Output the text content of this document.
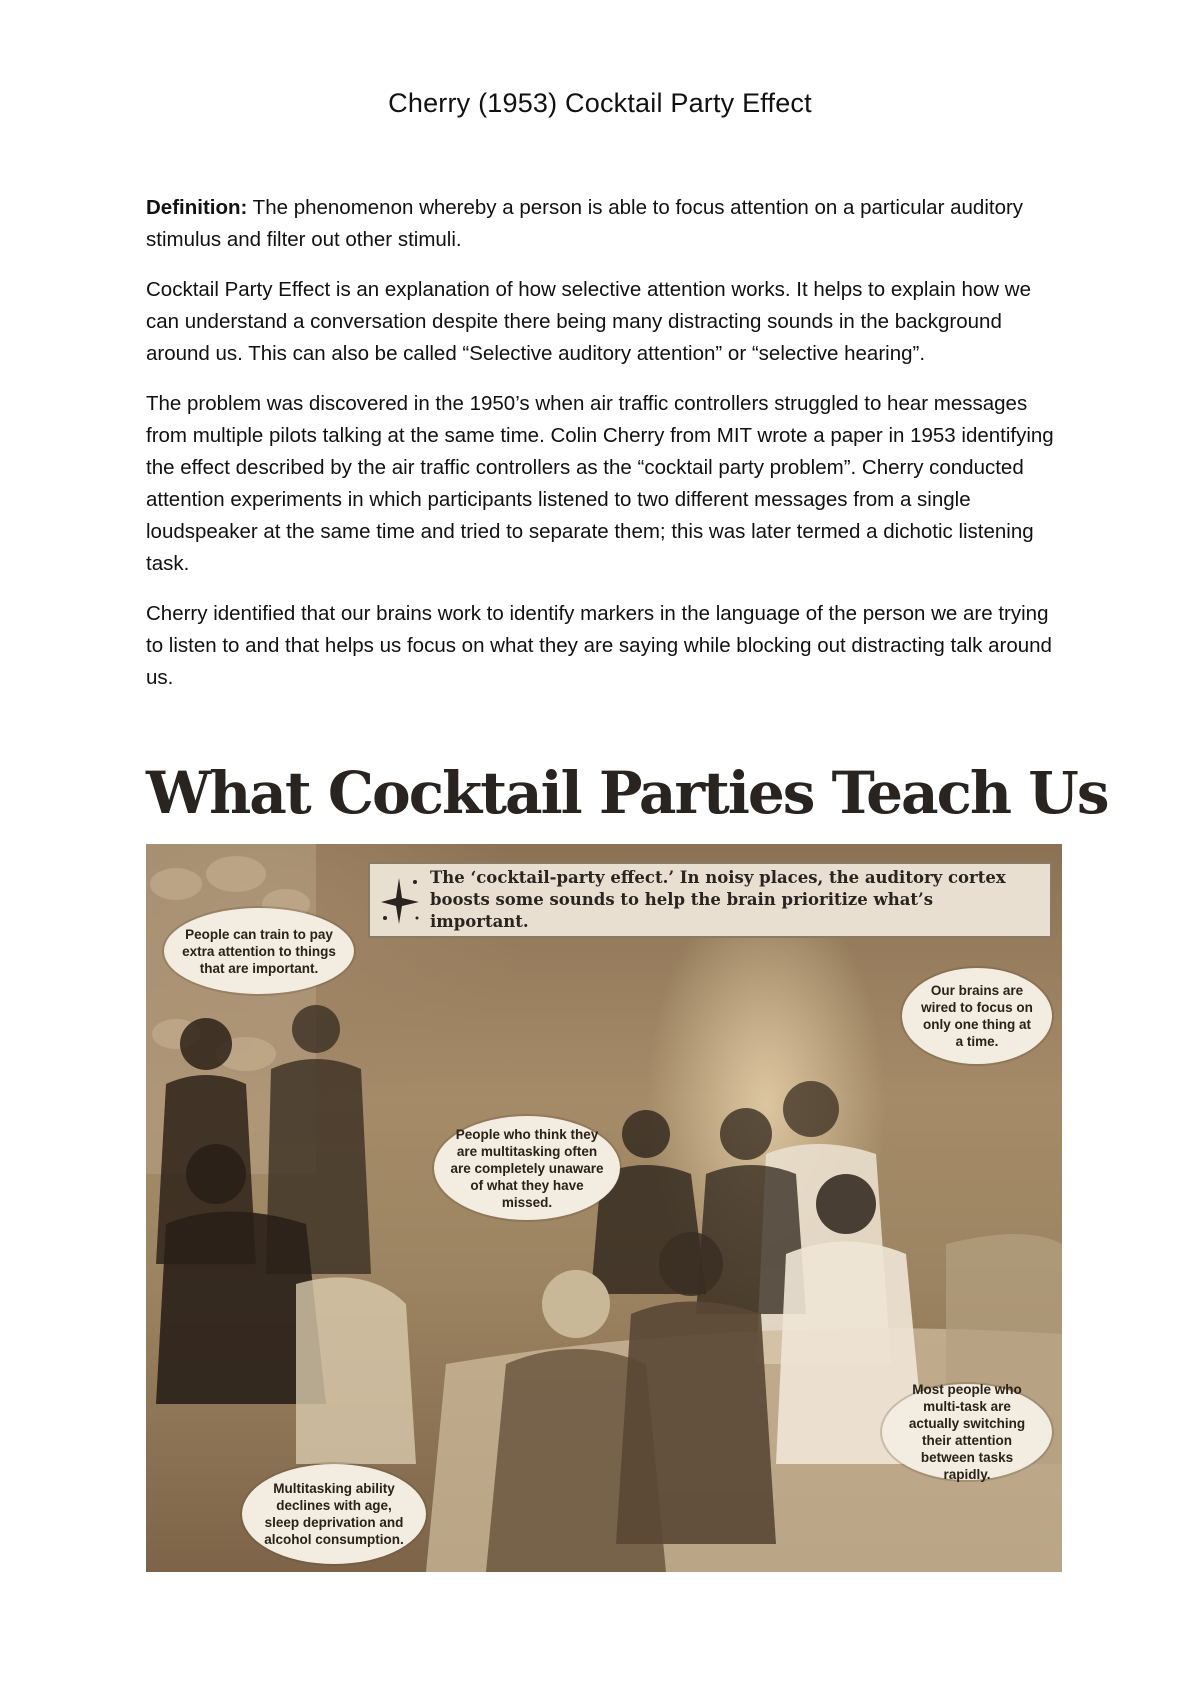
Cherry (1953) Cocktail Party Effect

Definition: The phenomenon whereby a person is able to focus attention on a particular auditory stimulus and filter out other stimuli.

Cocktail Party Effect is an explanation of how selective attention works. It helps to explain how we can understand a conversation despite there being many distracting sounds in the background around us. This can also be called “Selective auditory attention” or “selective hearing”.

The problem was discovered in the 1950’s when air traffic controllers struggled to hear messages from multiple pilots talking at the same time. Colin Cherry from MIT wrote a paper in 1953 identifying the effect described by the air traffic controllers as the “cocktail party problem”. Cherry conducted attention experiments in which participants listened to two different messages from a single loudspeaker at the same time and tried to separate them; this was later termed a dichotic listening task.

Cherry identified that our brains work to identify markers in the language of the person we are trying to listen to and that helps us focus on what they are saying while blocking out distracting talk around us.

What Cocktail Parties Teach Us
The ‘cocktail-party effect.’ In noisy places, the auditory cortex boosts some sounds to help the brain prioritize what’s important.
People can train to pay extra attention to things that are important.
Our brains are wired to focus on only one thing at a time.
People who think they are multitasking often are completely unaware of what they have missed.
Most people who multi-task are actually switching their attention between tasks rapidly.
Multitasking ability declines with age, sleep deprivation and alcohol consumption.
